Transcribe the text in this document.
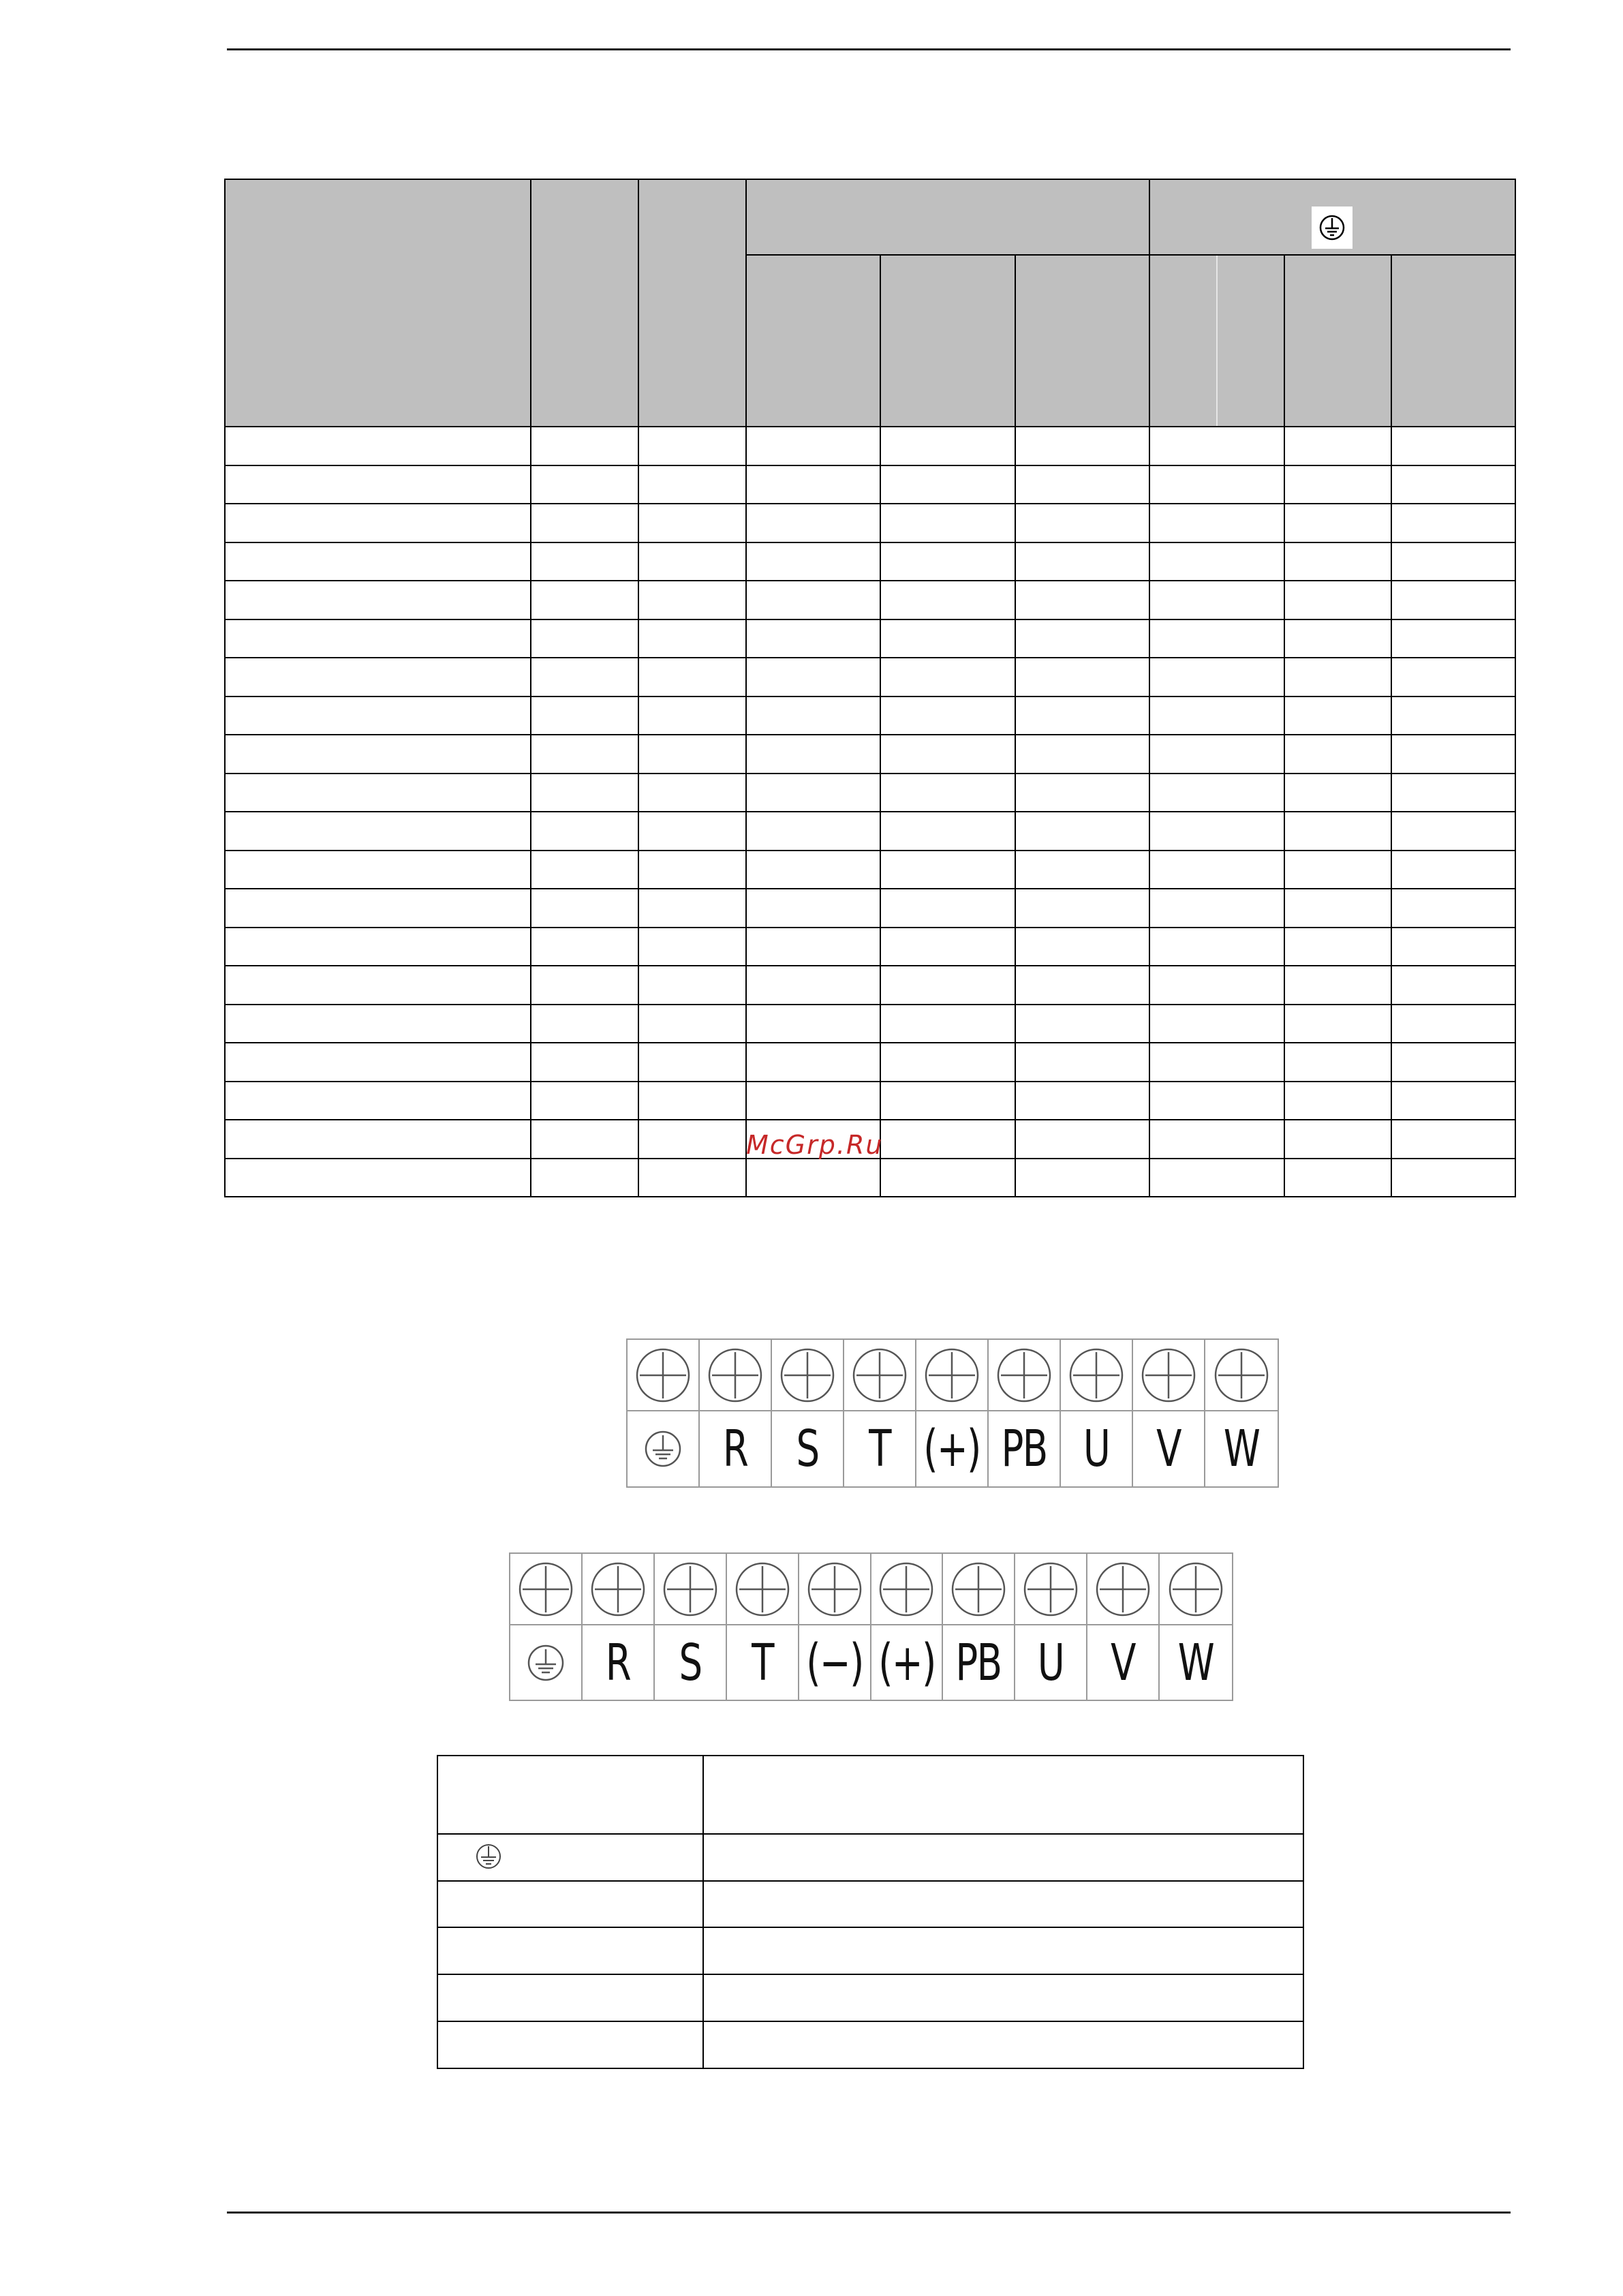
McGrp.Ru
R S T (+) PB U V W
R S T (−) (+) PB U V W
